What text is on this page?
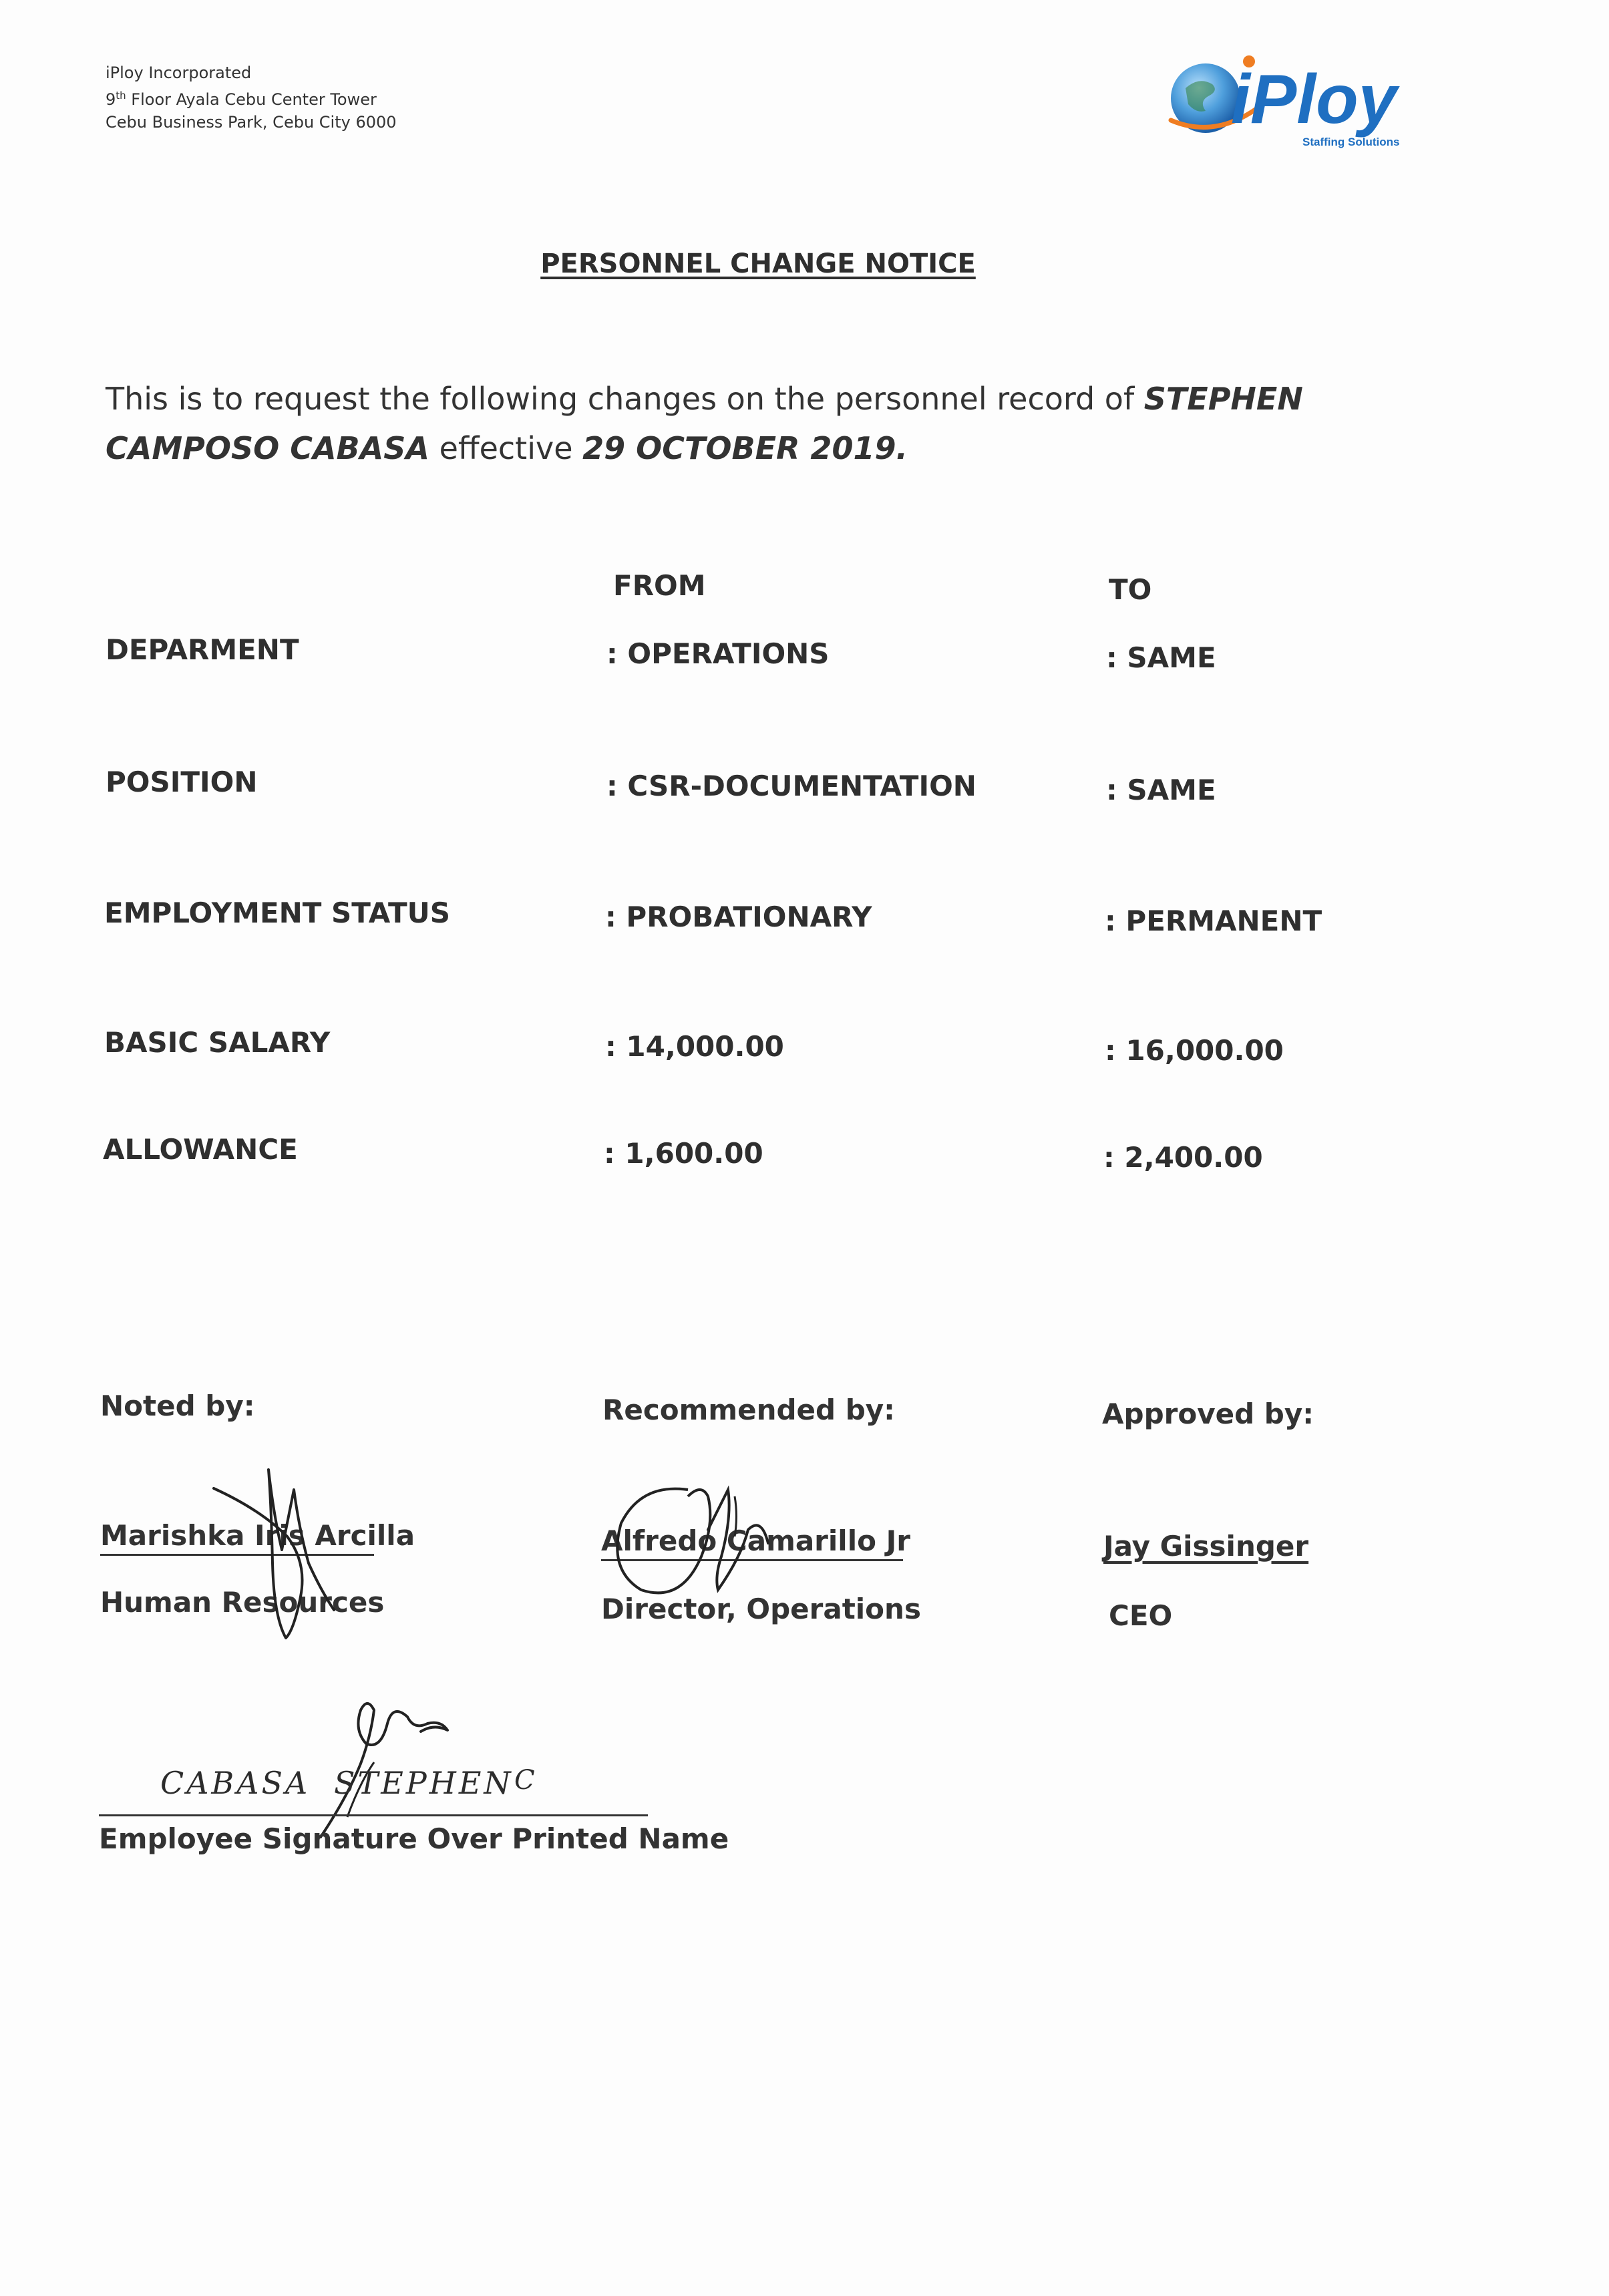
iPloy Incorporated
9th Floor Ayala Cebu Center Tower
Cebu Business Park, Cebu City 6000	iPloy
Staffing Solutions
PERSONNEL CHANGE NOTICE
This is to request the following changes on the personnel record of STEPHEN
CAMPOSO CABASA effective 29 OCTOBER 2019.
FROM	TO
DEPARMENT	: OPERATIONS	: SAME
POSITION	: CSR-DOCUMENTATION	: SAME
EMPLOYMENT STATUS	: PROBATIONARY	: PERMANENT
BASIC SALARY	: 14,000.00	: 16,000.00
ALLOWANCE	: 1,600.00	: 2,400.00
Noted by:	Recommended by:	Approved by:
Marishka Iris Arcilla
Human Resources
Alfredo Camarillo Jr
Director, Operations
Jay Gissinger
CEO
CABASA STEPHEN C
Employee Signature Over Printed Name
